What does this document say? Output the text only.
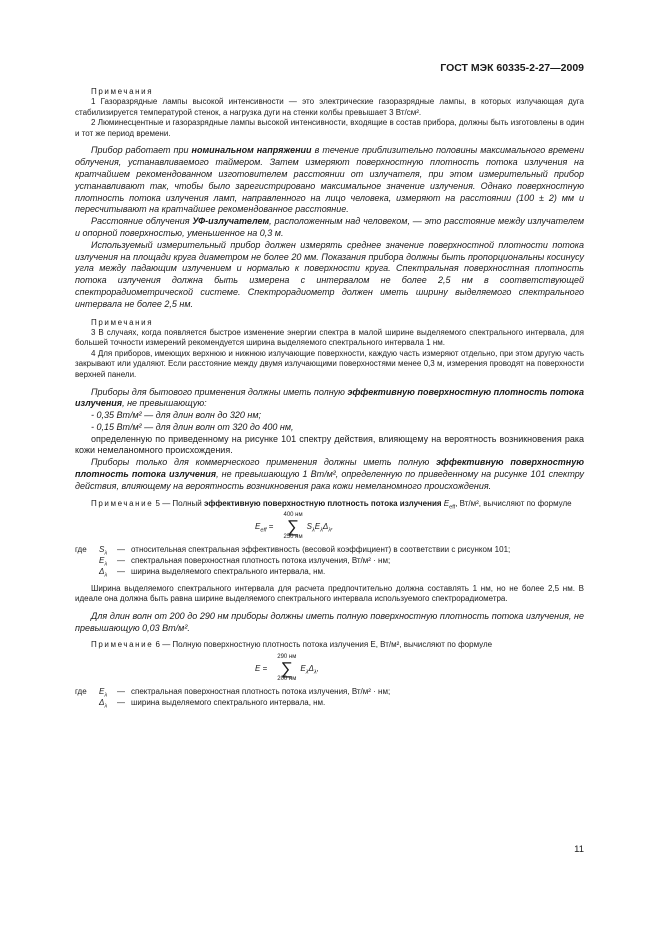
ГОСТ МЭК 60335-2-27—2009

Примечания

1 Газоразрядные лампы высокой интенсивности — это электрические газоразрядные лампы, в которых излучающая дуга стабилизируется температурой стенок, а нагрузка дуги на стенки колбы превышает 3 Вт/см².

2 Люминесцентные и газоразрядные лампы высокой интенсивности, входящие в состав прибора, должны быть изготовлены в один и тот же период времени.

Прибор работает при номинальном напряжении в течение приблизительно половины максимального времени облучения, устанавливаемого таймером. Затем измеряют поверхностную плотность потока излучения на кратчайшем рекомендованном изготовителем расстоянии от излучателя, при этом измерительный прибор устанавливают так, чтобы было зарегистрировано максимальное значение излучения. Однако поверхностную плотность потока излучения ламп, направленного на лицо человека, измеряют на расстоянии (100 ± 2) мм и пересчитывают на кратчайшее рекомендованное расстояние.

Расстояние облучения УФ-излучателем, расположенным над человеком, — это расстояние между излучателем и опорной поверхностью, уменьшенное на 0,3 м.

Используемый измерительный прибор должен измерять среднее значение поверхностной плотности потока излучения на площади круга диаметром не более 20 мм. Показания прибора должны быть пропорциональны косинусу угла между падающим излучением и нормалью к поверхности круга. Спектральная поверхностная плотность потока излучения должна быть измерена с интервалом не более 2,5 нм в соответствующей спектрорадиометрической системе. Спектрорадиометр должен иметь ширину выделяемого спектрального интервала не более 2,5 нм.

Примечания

3 В случаях, когда появляется быстрое изменение энергии спектра в малой ширине выделяемого спектрального интервала, для большей точности измерений рекомендуется ширина выделяемого спектрального интервала 1 нм.

4 Для приборов, имеющих верхнюю и нижнюю излучающие поверхности, каждую часть измеряют отдельно, при этом другую часть закрывают или удаляют. Если расстояние между двумя излучающими поверхностями менее 0,3 м, измерения проводят на поверхности верхней панели.

Приборы для бытового применения должны иметь полную эффективную поверхностную плотность потока излучения, не превышающую:

- 0,35 Вт/м² — для длин волн до 320 нм;

- 0,15 Вт/м² — для длин волн от 320 до 400 нм,

определенную по приведенному на рисунке 101 спектру действия, влияющему на вероятность возникновения рака кожи немеланомного происхождения.

Приборы только для коммерческого применения должны иметь полную эффективную поверхностную плотность потока излучения, не превышающую 1 Вт/м², определенную по приведенному на рисунке 101 спектру действия, влияющему на вероятность возникновения рака кожи немеланомного происхождения.

Примечание 5 — Полный эффективную поверхностную плотность потока излучения $E_{eff}$, Вт/м², вычисляют по формуле

$E_{eff}$ =
400 нм
∑
250 нм
$S_\lambda E_\lambda\Delta_\lambda$,
где	$S_\lambda$	— относительная спектральная эффективность (весовой коэффициент) в соответствии с рисунком 101;
$E_\lambda$	— спектральная поверхностная плотность потока излучения, Вт/м² · нм;
$\Delta_\lambda$	— ширина выделяемого спектрального интервала, нм.

Ширина выделяемого спектрального интервала для расчета предпочтительно должна составлять 1 нм, но не более 2,5 нм. В идеале она должна быть равна ширине выделяемого спектрального интервала используемого спектрорадиометра.

Для длин волн от 200 до 290 нм приборы должны иметь полную поверхностную плотность потока излучения, не превышающую 0,03 Вт/м².

Примечание 6 — Полную поверхностную плотность потока излучения E, Вт/м², вычисляют по формуле

E =
290 нм
∑
200 нм
$E_\lambda\Delta_\lambda$,
где	$E_\lambda$	— спектральная поверхностная плотность потока излучения, Вт/м² · нм;
$\Delta_\lambda$	— ширина выделяемого спектрального интервала, нм.
11
